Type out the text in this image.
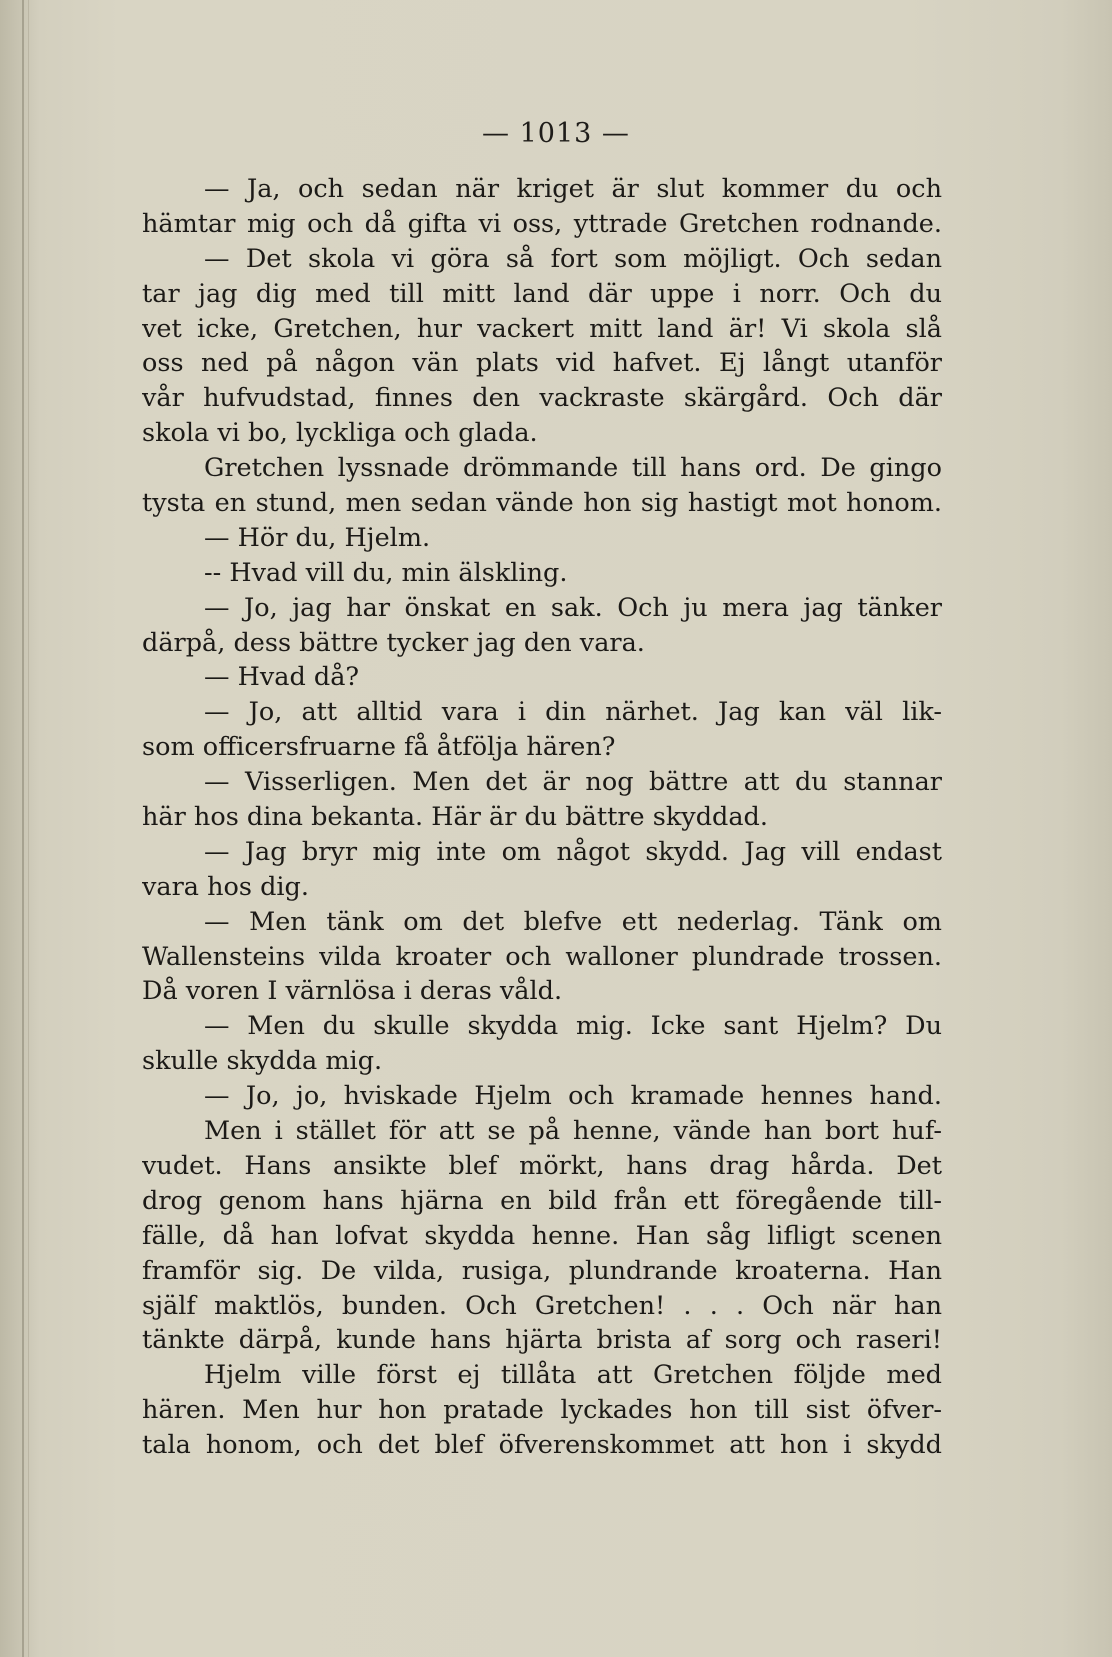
— 1013 —
— Ja, och sedan när kriget är slut kommer du och
hämtar mig och då gifta vi oss, yttrade Gretchen rodnande.
— Det skola vi göra så fort som möjligt. Och sedan
tar jag dig med till mitt land där uppe i norr. Och du
vet icke, Gretchen, hur vackert mitt land är! Vi skola slå
oss ned på någon vän plats vid hafvet. Ej långt utanför
vår hufvudstad, finnes den vackraste skärgård. Och där
skola vi bo, lyckliga och glada.
Gretchen lyssnade drömmande till hans ord. De gingo
tysta en stund, men sedan vände hon sig hastigt mot honom.
— Hör du, Hjelm.
-- Hvad vill du, min älskling.
— Jo, jag har önskat en sak. Och ju mera jag tänker
därpå, dess bättre tycker jag den vara.
— Hvad då?
— Jo, att alltid vara i din närhet. Jag kan väl lik-
som officersfruarne få åtfölja hären?
— Visserligen. Men det är nog bättre att du stannar
här hos dina bekanta. Här är du bättre skyddad.
— Jag bryr mig inte om något skydd. Jag vill endast
vara hos dig.
— Men tänk om det blefve ett nederlag. Tänk om
Wallensteins vilda kroater och walloner plundrade trossen.
Då voren I värnlösa i deras våld.
— Men du skulle skydda mig. Icke sant Hjelm? Du
skulle skydda mig.
— Jo, jo, hviskade Hjelm och kramade hennes hand.
Men i stället för att se på henne, vände han bort huf-
vudet. Hans ansikte blef mörkt, hans drag hårda. Det
drog genom hans hjärna en bild från ett föregående till-
fälle, då han lofvat skydda henne. Han såg lifligt scenen
framför sig. De vilda, rusiga, plundrande kroaterna. Han
själf maktlös, bunden. Och Gretchen! . . . Och när han
tänkte därpå, kunde hans hjärta brista af sorg och raseri!
Hjelm ville först ej tillåta att Gretchen följde med
hären. Men hur hon pratade lyckades hon till sist öfver-
tala honom, och det blef öfverenskommet att hon i skydd
